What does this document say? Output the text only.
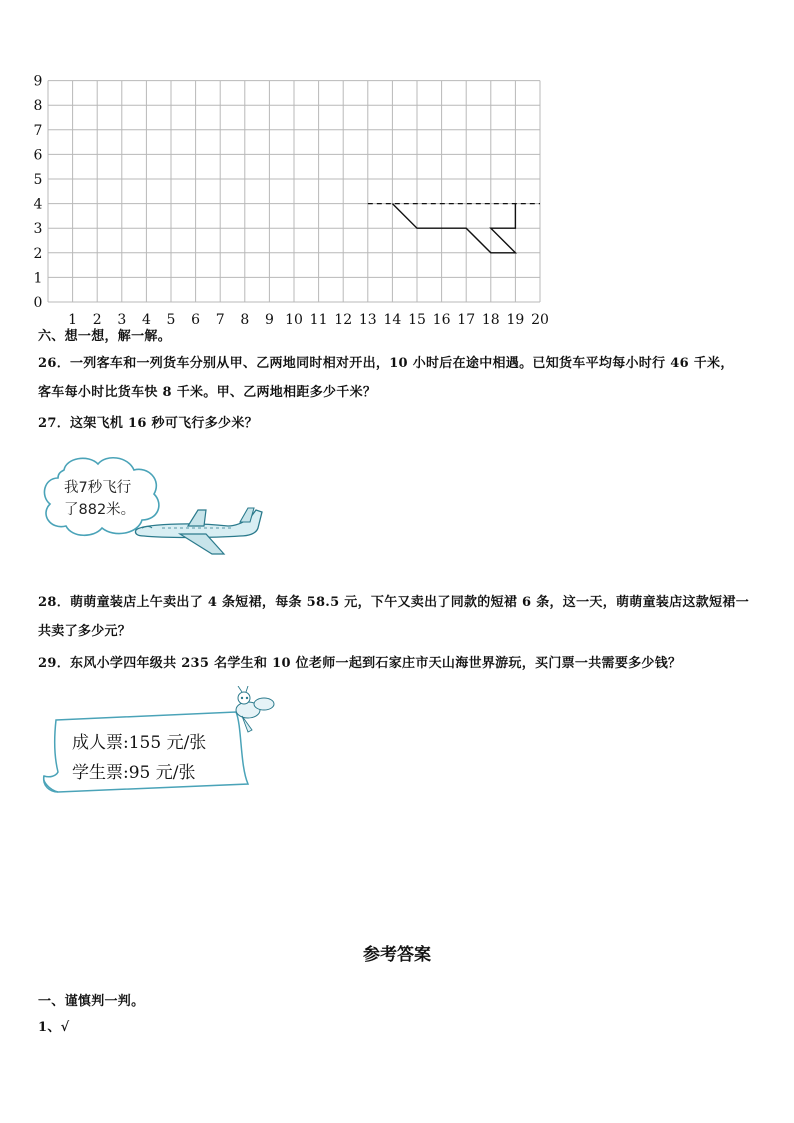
0
1
2
3
4
5
6
7
8
9
1 2 3 4 5 6 7 8 9 10 11 12 13 14 15 16 17 18 19 20
六、想一想，解一解。
26．一列客车和一列货车分别从甲、乙两地同时相对开出，10 小时后在途中相遇。已知货车平均每小时行 46 千米，
客车每小时比货车快 8 千米。甲、乙两地相距多少千米？
27．这架飞机 16 秒可飞行多少米？
我7秒飞行
了882米。
28．萌萌童装店上午卖出了 4 条短裙，每条 58.5 元，下午又卖出了同款的短裙 6 条，这一天，萌萌童装店这款短裙一
共卖了多少元？
29．东风小学四年级共 235 名学生和 10 位老师一起到石家庄市天山海世界游玩，买门票一共需要多少钱？
成人票:155 元/张
学生票:95 元/张
参考答案
一、谨慎判一判。
1、√
